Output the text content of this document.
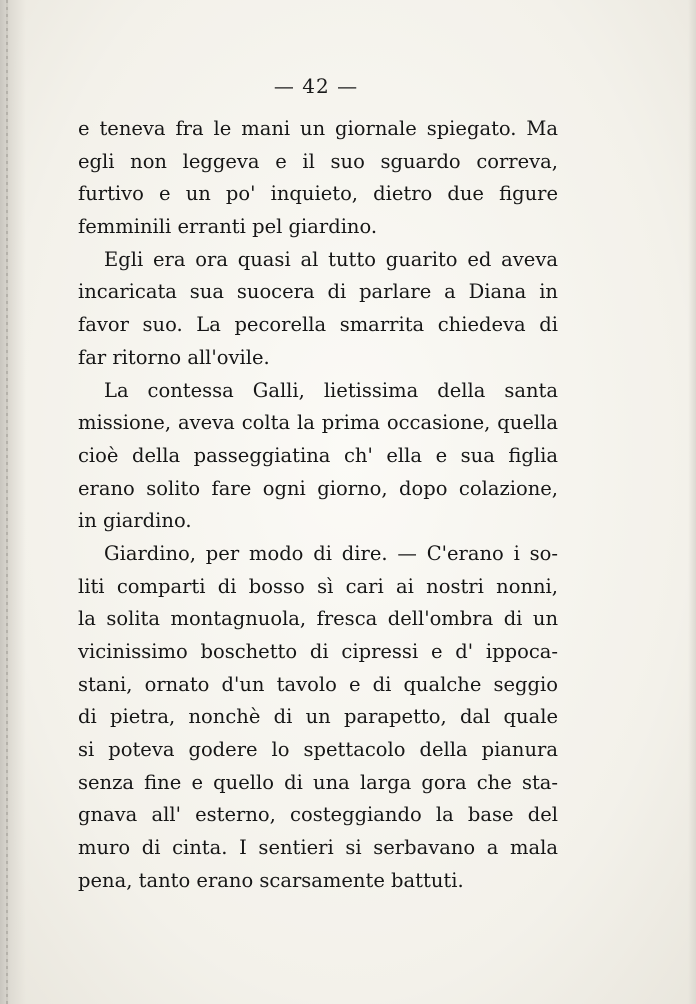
— 42 —
e teneva fra le mani un giornale spiegato. Ma
egli non leggeva e il suo sguardo correva,
furtivo e un po' inquieto, dietro due figure
femminili erranti pel giardino.
Egli era ora quasi al tutto guarito ed aveva
incaricata sua suocera di parlare a Diana in
favor suo. La pecorella smarrita chiedeva di
far ritorno all'ovile.
La contessa Galli, lietissima della santa
missione, aveva colta la prima occasione, quella
cioè della passeggiatina ch' ella e sua figlia
erano solito fare ogni giorno, dopo colazione,
in giardino.
Giardino, per modo di dire. — C'erano i so-
liti comparti di bosso sì cari ai nostri nonni,
la solita montagnuola, fresca dell'ombra di un
vicinissimo boschetto di cipressi e d' ippoca-
stani, ornato d'un tavolo e di qualche seggio
di pietra, nonchè di un parapetto, dal quale
si poteva godere lo spettacolo della pianura
senza fine e quello di una larga gora che sta-
gnava all' esterno, costeggiando la base del
muro di cinta. I sentieri si serbavano a mala
pena, tanto erano scarsamente battuti.
